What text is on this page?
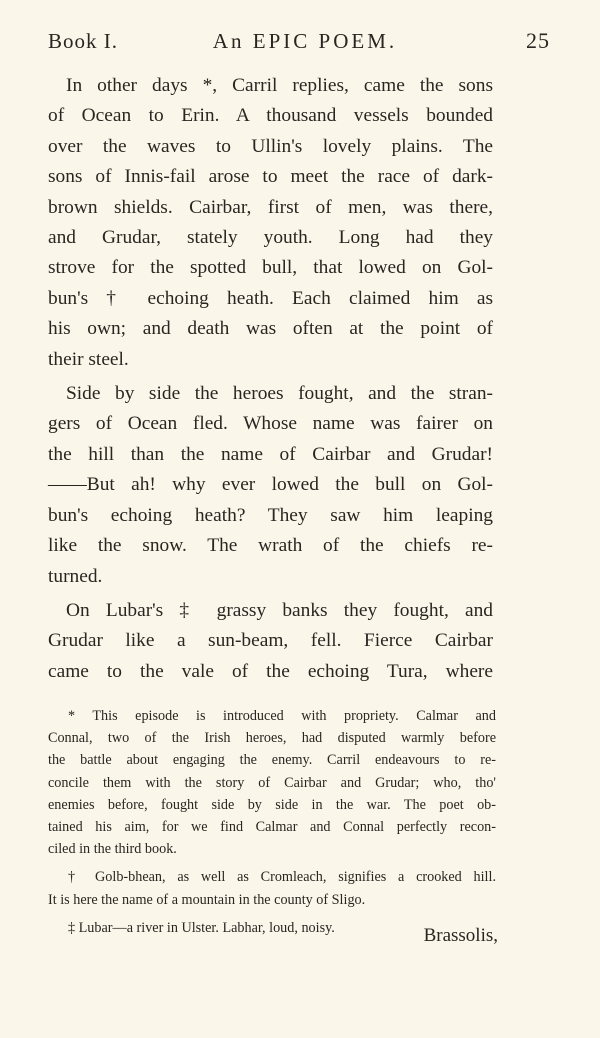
Book I.	An EPIC POEM.	25

In other days *, Carril replies, came the sons
of Ocean to Erin. A thousand vessels bounded
over the waves to Ullin's lovely plains. The
sons of Innis-fail arose to meet the race of dark-
brown shields. Cairbar, first of men, was there,
and Grudar, stately youth. Long had they
strove for the spotted bull, that lowed on Gol-
bun's † echoing heath. Each claimed him as
his own; and death was often at the point of
their steel.

Side by side the heroes fought, and the stran-
gers of Ocean fled. Whose name was fairer on
the hill than the name of Cairbar and Grudar!
——But ah! why ever lowed the bull on Gol-
bun's echoing heath? They saw him leaping
like the snow. The wrath of the chiefs re-
turned.

On Lubar's ‡ grassy banks they fought, and
Grudar like a sun-beam, fell. Fierce Cairbar
came to the vale of the echoing Tura, where

* This episode is introduced with propriety. Calmar and
Connal, two of the Irish heroes, had disputed warmly before
the battle about engaging the enemy. Carril endeavours to re-
concile them with the story of Cairbar and Grudar; who, tho'
enemies before, fought side by side in the war. The poet ob-
tained his aim, for we find Calmar and Connal perfectly recon-
ciled in the third book.
† Golb-bhean, as well as Cromleach, signifies a crooked hill.
It is here the name of a mountain in the county of Sligo.
‡ Lubar—a river in Ulster. Labhar, loud, noisy.	Brassolis,
